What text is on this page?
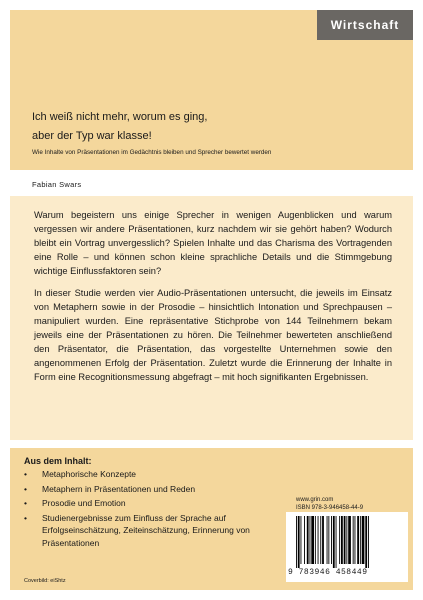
Wirtschaft
Ich weiß nicht mehr, worum es ging,
aber der Typ war klasse!
Wie Inhalte von Präsentationen im Gedächtnis bleiben und Sprecher bewertet werden
Fabian Swars

Warum begeistern uns einige Sprecher in wenigen Augenblicken und warum vergessen wir andere Präsentationen, kurz nachdem wir sie gehört haben? Wodurch bleibt ein Vortrag unvergesslich? Spielen Inhalte und das Charisma des Vortragenden eine Rolle – und können schon kleine sprachliche Details und die Stimmgebung wichtige Einflussfaktoren sein?

In dieser Studie werden vier Audio-Präsentationen untersucht, die jeweils im Einsatz von Metaphern sowie in der Prosodie – hinsichtlich Intonation und Sprechpausen – manipuliert wurden. Eine repräsentative Stichprobe von 144 Teilnehmern bekam jeweils eine der Präsentationen zu hören. Die Teilnehmer bewerteten anschließend den Präsentator, die Präsentation, das vorgestellte Unternehmen sowie den angenommenen Erfolg der Präsentation. Zuletzt wurde die Erinnerung der Inhalte in Form eine Recognitionsmessung abgefragt – mit hoch signifikanten Ergebnissen.

Aus dem Inhalt:
• Metaphorische Konzepte
• Metaphern in Präsentationen und Reden
• Prosodie und Emotion
• Studienergebnisse zum Einfluss der Sprache auf Erfolgseinschätzung, Zeiteinschätzung, Erinnerung von Präsentationen
Coverbild: eiShtz
www.grin.com
ISBN 978-3-946458-44-9
9 783946 458449
